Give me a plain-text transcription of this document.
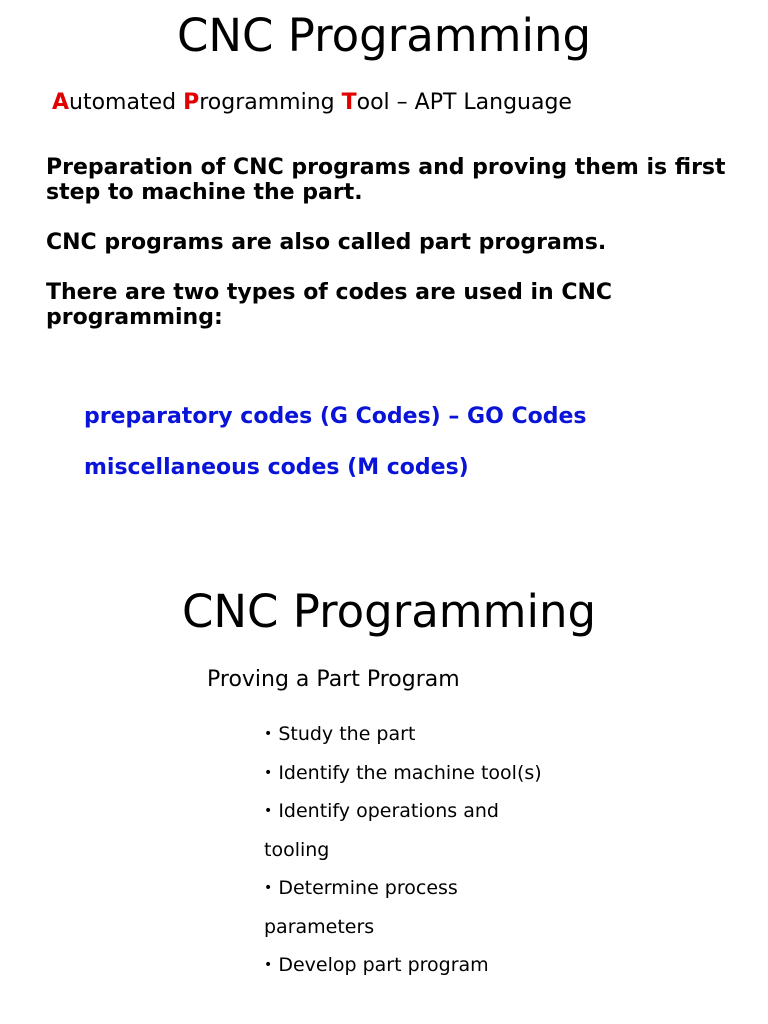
CNC Programming
Automated Programming Tool – APT Language
Preparation of CNC programs and proving them is first step to machine the part.
CNC programs are also called part programs.
There are two types of codes are used in CNC programming:
preparatory codes (G Codes) – GO Codes
miscellaneous codes (M codes)
CNC Programming
Proving a Part Program
• Study the part
• Identify the machine tool(s)
• Identify operations and tooling
• Determine process parameters
• Develop part program
